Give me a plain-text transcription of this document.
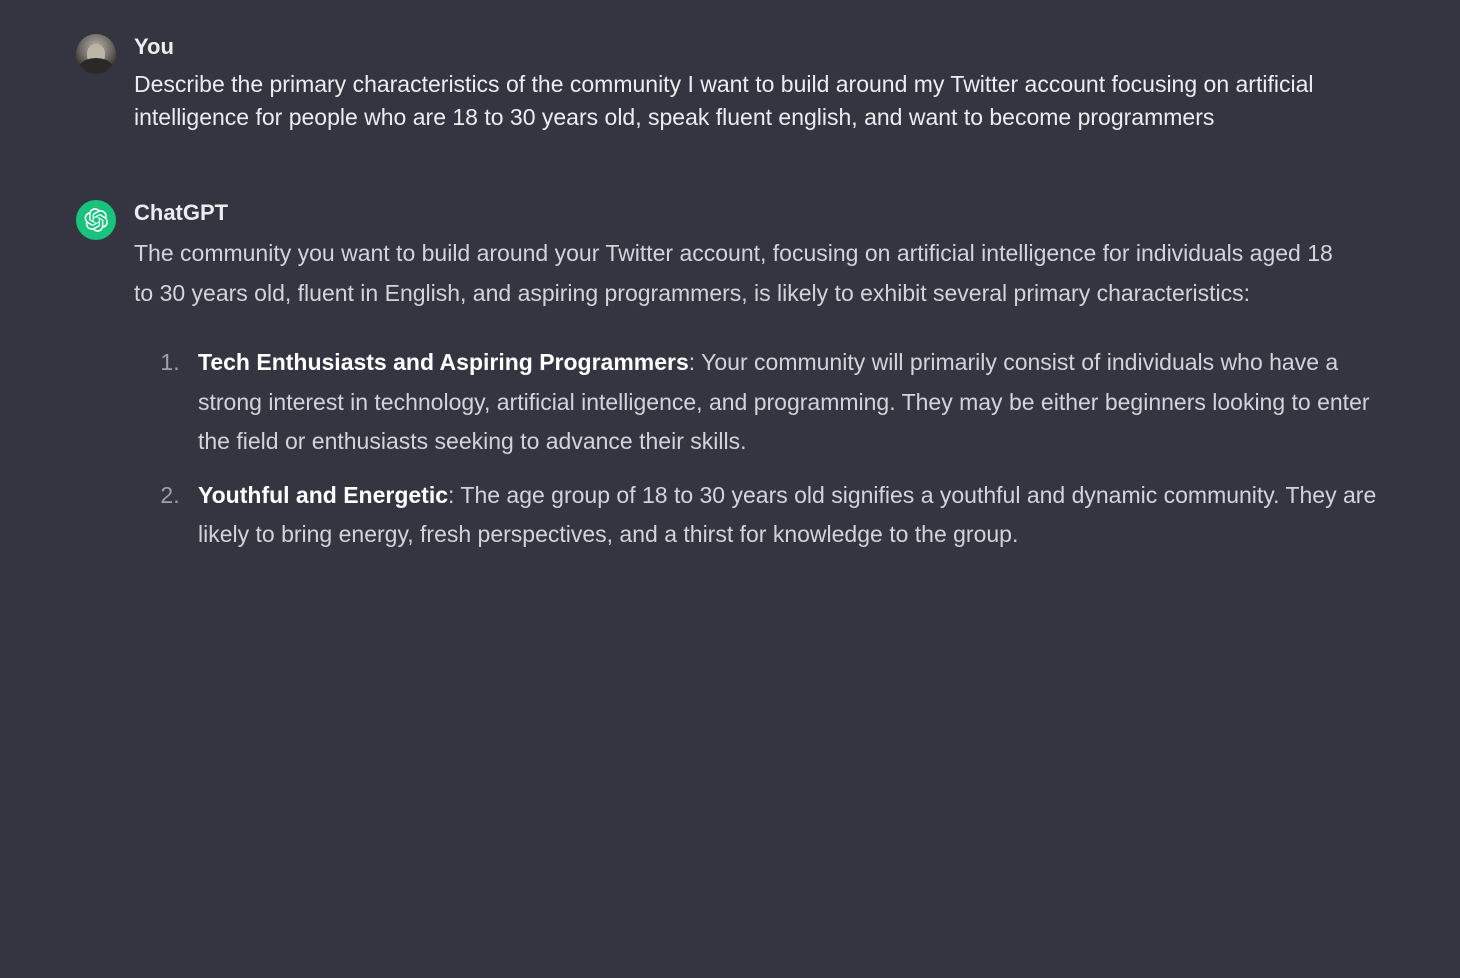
You

Describe the primary characteristics of the community I want to build around my Twitter account focusing on artificial intelligence for people who are 18 to 30 years old, speak fluent english, and want to become programmers

ChatGPT

The community you want to build around your Twitter account, focusing on artificial intelligence for individuals aged 18 to 30 years old, fluent in English, and aspiring programmers, is likely to exhibit several primary characteristics:

1. Tech Enthusiasts and Aspiring Programmers: Your community will primarily consist of individuals who have a strong interest in technology, artificial intelligence, and programming. They may be either beginners looking to enter the field or enthusiasts seeking to advance their skills.
2. Youthful and Energetic: The age group of 18 to 30 years old signifies a youthful and dynamic community. They are likely to bring energy, fresh perspectives, and a thirst for knowledge to the group.
